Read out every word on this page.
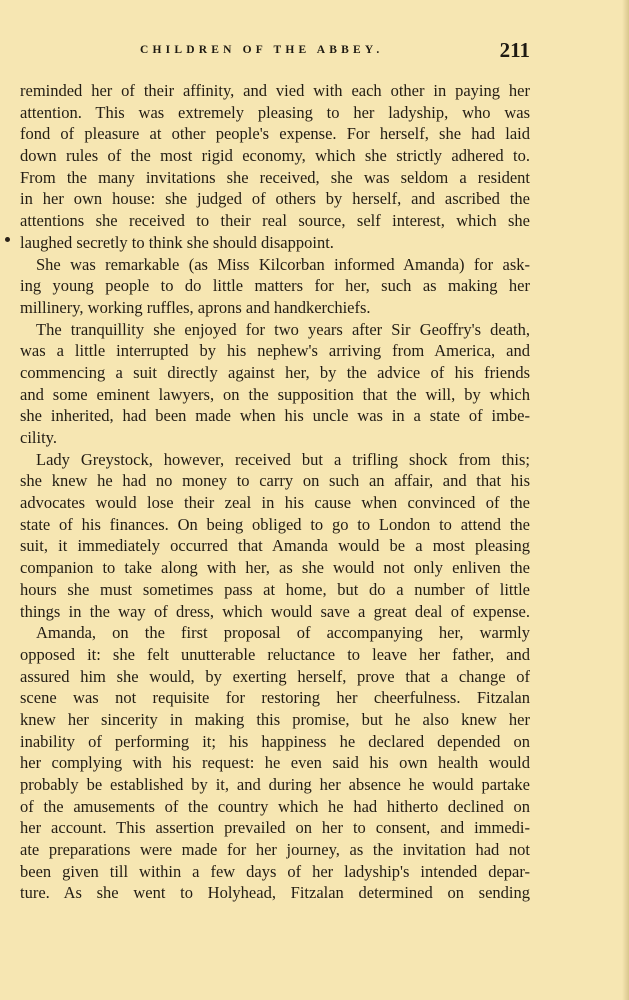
CHILDREN OF THE ABBEY.	211
reminded her of their affinity, and vied with each other in paying her
attention. This was extremely pleasing to her ladyship, who was
fond of pleasure at other people's expense. For herself, she had laid
down rules of the most rigid economy, which she strictly adhered to.
From the many invitations she received, she was seldom a resident
in her own house: she judged of others by herself, and ascribed the
attentions she received to their real source, self interest, which she
laughed secretly to think she should disappoint.
She was remarkable (as Miss Kilcorban informed Amanda) for ask-
ing young people to do little matters for her, such as making her
millinery, working ruffles, aprons and handkerchiefs.
The tranquillity she enjoyed for two years after Sir Geoffry's death,
was a little interrupted by his nephew's arriving from America, and
commencing a suit directly against her, by the advice of his friends
and some eminent lawyers, on the supposition that the will, by which
she inherited, had been made when his uncle was in a state of imbe-
cility.
Lady Greystock, however, received but a trifling shock from this;
she knew he had no money to carry on such an affair, and that his
advocates would lose their zeal in his cause when convinced of the
state of his finances. On being obliged to go to London to attend the
suit, it immediately occurred that Amanda would be a most pleasing
companion to take along with her, as she would not only enliven the
hours she must sometimes pass at home, but do a number of little
things in the way of dress, which would save a great deal of expense.
Amanda, on the first proposal of accompanying her, warmly
opposed it: she felt unutterable reluctance to leave her father, and
assured him she would, by exerting herself, prove that a change of
scene was not requisite for restoring her cheerfulness. Fitzalan
knew her sincerity in making this promise, but he also knew her
inability of performing it; his happiness he declared depended on
her complying with his request: he even said his own health would
probably be established by it, and during her absence he would partake
of the amusements of the country which he had hitherto declined on
her account. This assertion prevailed on her to consent, and immedi-
ate preparations were made for her journey, as the invitation had not
been given till within a few days of her ladyship's intended depar-
ture. As she went to Holyhead, Fitzalan determined on sending
